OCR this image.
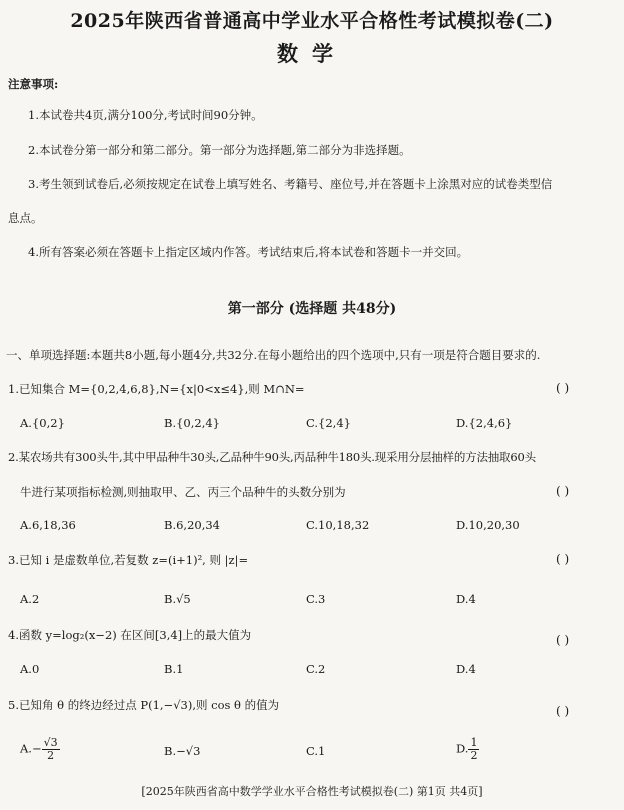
2025年陕西省普通高中学业水平合格性考试模拟卷(二)
数学
注意事项:
1.本试卷共4页,满分100分,考试时间90分钟。
2.本试卷分第一部分和第二部分。第一部分为选择题,第二部分为非选择题。
3.考生领到试卷后,必须按规定在试卷上填写姓名、考籍号、座位号,并在答题卡上涂黑对应的试卷类型信
息点。
4.所有答案必须在答题卡上指定区域内作答。考试结束后,将本试卷和答题卡一并交回。
第一部分 (选择题 共48分)
一、单项选择题:本题共8小题,每小题4分,共32分.在每小题给出的四个选项中,只有一项是符合题目要求的.
1.已知集合 M={0,2,4,6,8},N={x|0<x≤4},则 M∩N=	( )
A.{0,2}	B.{0,2,4}	C.{2,4}	D.{2,4,6}
2.某农场共有300头牛,其中甲品种牛30头,乙品种牛90头,丙品种牛180头.现采用分层抽样的方法抽取60头
牛进行某项指标检测,则抽取甲、乙、丙三个品种牛的头数分别为	( )
A.6,18,36	B.6,20,34	C.10,18,32	D.10,20,30
3.已知 i 是虚数单位,若复数 z=(i+1)², 则 |z|=	( )
A.2	B.√5	C.3	D.4
4.函数 y=log₂(x−2) 在区间[3,4]上的最大值为	( )
A.0	B.1	C.2	D.4
5.已知角 θ 的终边经过点 P(1,−√3),则 cos θ 的值为	( )
$A.- \frac{√3}{2}$	B.−√3	C.1	D. $\frac{1}{2}$
[2025年陕西省高中数学学业水平合格性考试模拟卷(二) 第1页 共4页]
